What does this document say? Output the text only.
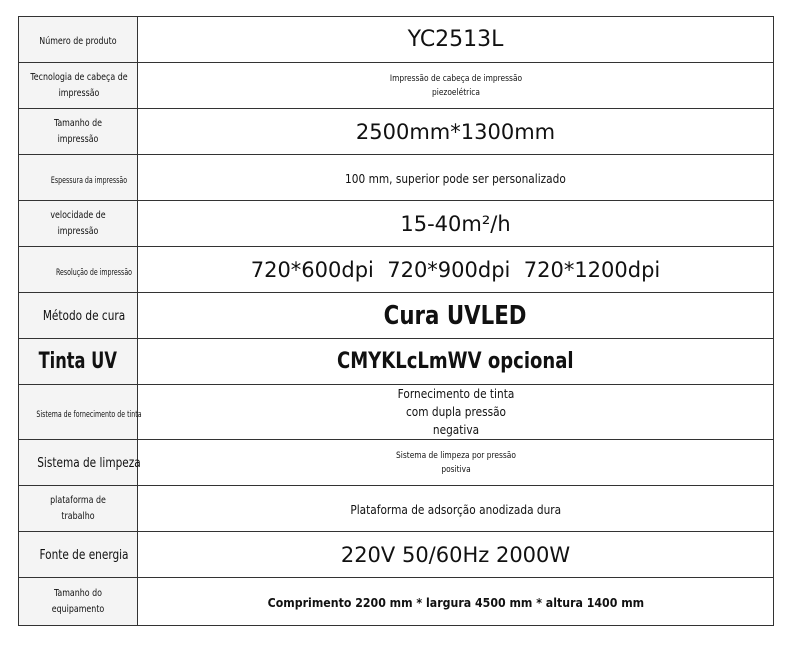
Número de produto	YC2513L
Tecnologia de cabeça de impressão	Impressão de cabeça de impressão piezoelétrica
Tamanho de impressão	2500mm*1300mm
Espessura da impressão	100 mm, superior pode ser personalizado
velocidade de impressão	15-40m²/h
Resolução de impressão	720*600dpi  720*900dpi  720*1200dpi
Método de cura	Cura UVLED
Tinta UV	CMYKLcLmWV opcional
Sistema de fornecimento de tinta	Fornecimento de tinta com dupla pressão negativa
Sistema de limpeza	Sistema de limpeza por pressão positiva
plataforma de trabalho	Plataforma de adsorção anodizada dura
Fonte de energia	220V 50/60Hz 2000W
Tamanho do equipamento	Comprimento 2200 mm * largura 4500 mm * altura 1400 mm
